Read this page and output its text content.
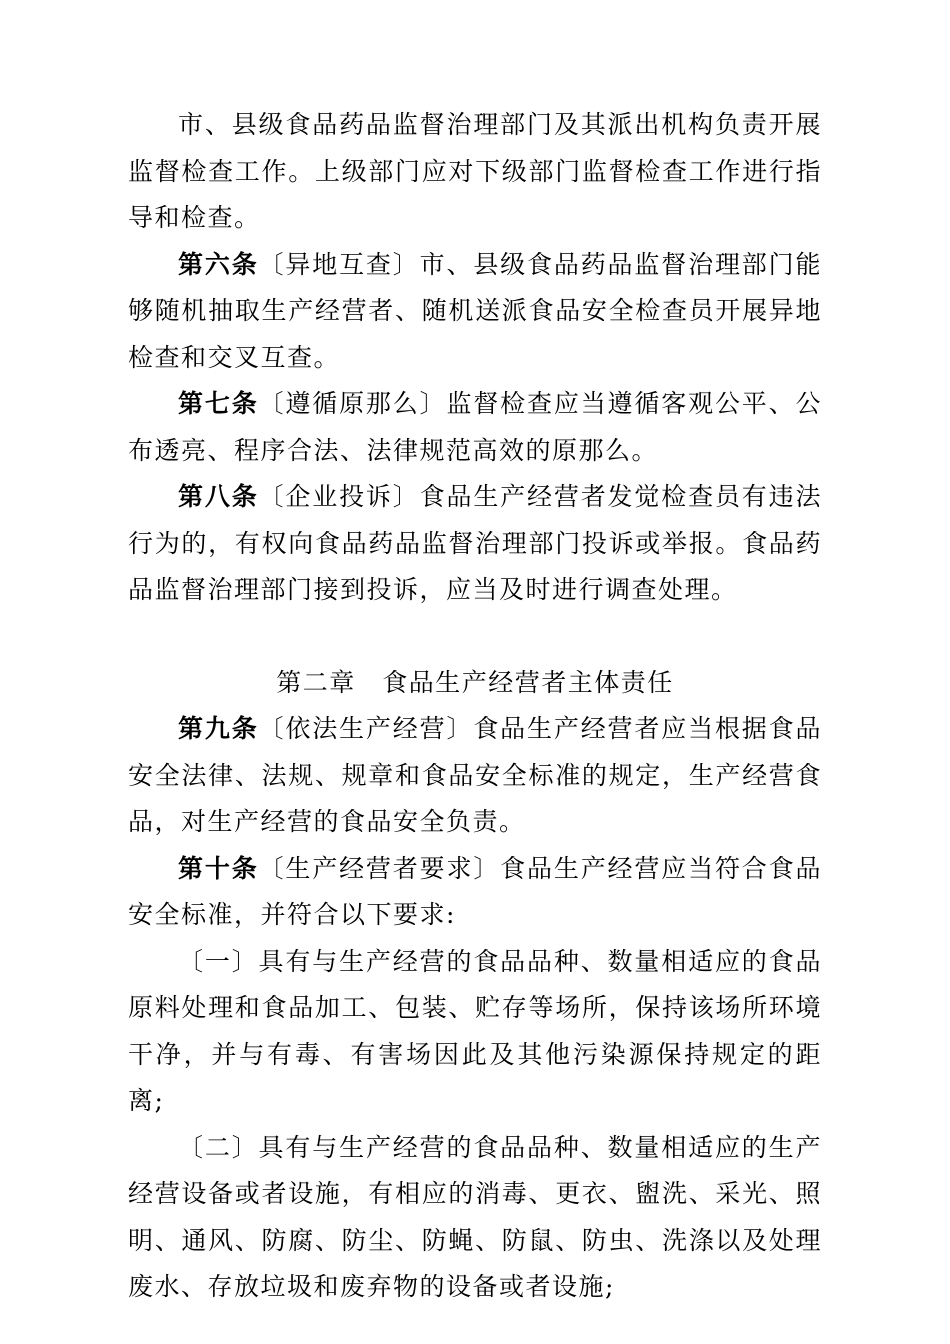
市、县级食品药品监督治理部门及其派出机构负责开展监督检查工作。上级部门应对下级部门监督检查工作进行指导和检查。

第六条〔异地互查〕市、县级食品药品监督治理部门能够随机抽取生产经营者、随机送派食品安全检查员开展异地检查和交叉互查。

第七条〔遵循原那么〕监督检查应当遵循客观公平、公布透亮、程序合法、法律规范高效的原那么。

第八条〔企业投诉〕食品生产经营者发觉检查员有违法行为的，有权向食品药品监督治理部门投诉或举报。食品药品监督治理部门接到投诉，应当及时进行调查处理。

第二章　食品生产经营者主体责任

第九条〔依法生产经营〕食品生产经营者应当根据食品安全法律、法规、规章和食品安全标准的规定，生产经营食品，对生产经营的食品安全负责。

第十条〔生产经营者要求〕食品生产经营应当符合食品安全标准，并符合以下要求:

〔一〕具有与生产经营的食品品种、数量相适应的食品原料处理和食品加工、包装、贮存等场所，保持该场所环境干净，并与有毒、有害场因此及其他污染源保持规定的距离;

〔二〕具有与生产经营的食品品种、数量相适应的生产经营设备或者设施，有相应的消毒、更衣、盥洗、采光、照明、通风、防腐、防尘、防蝇、防鼠、防虫、洗涤以及处理废水、存放垃圾和废弃物的设备或者设施;
